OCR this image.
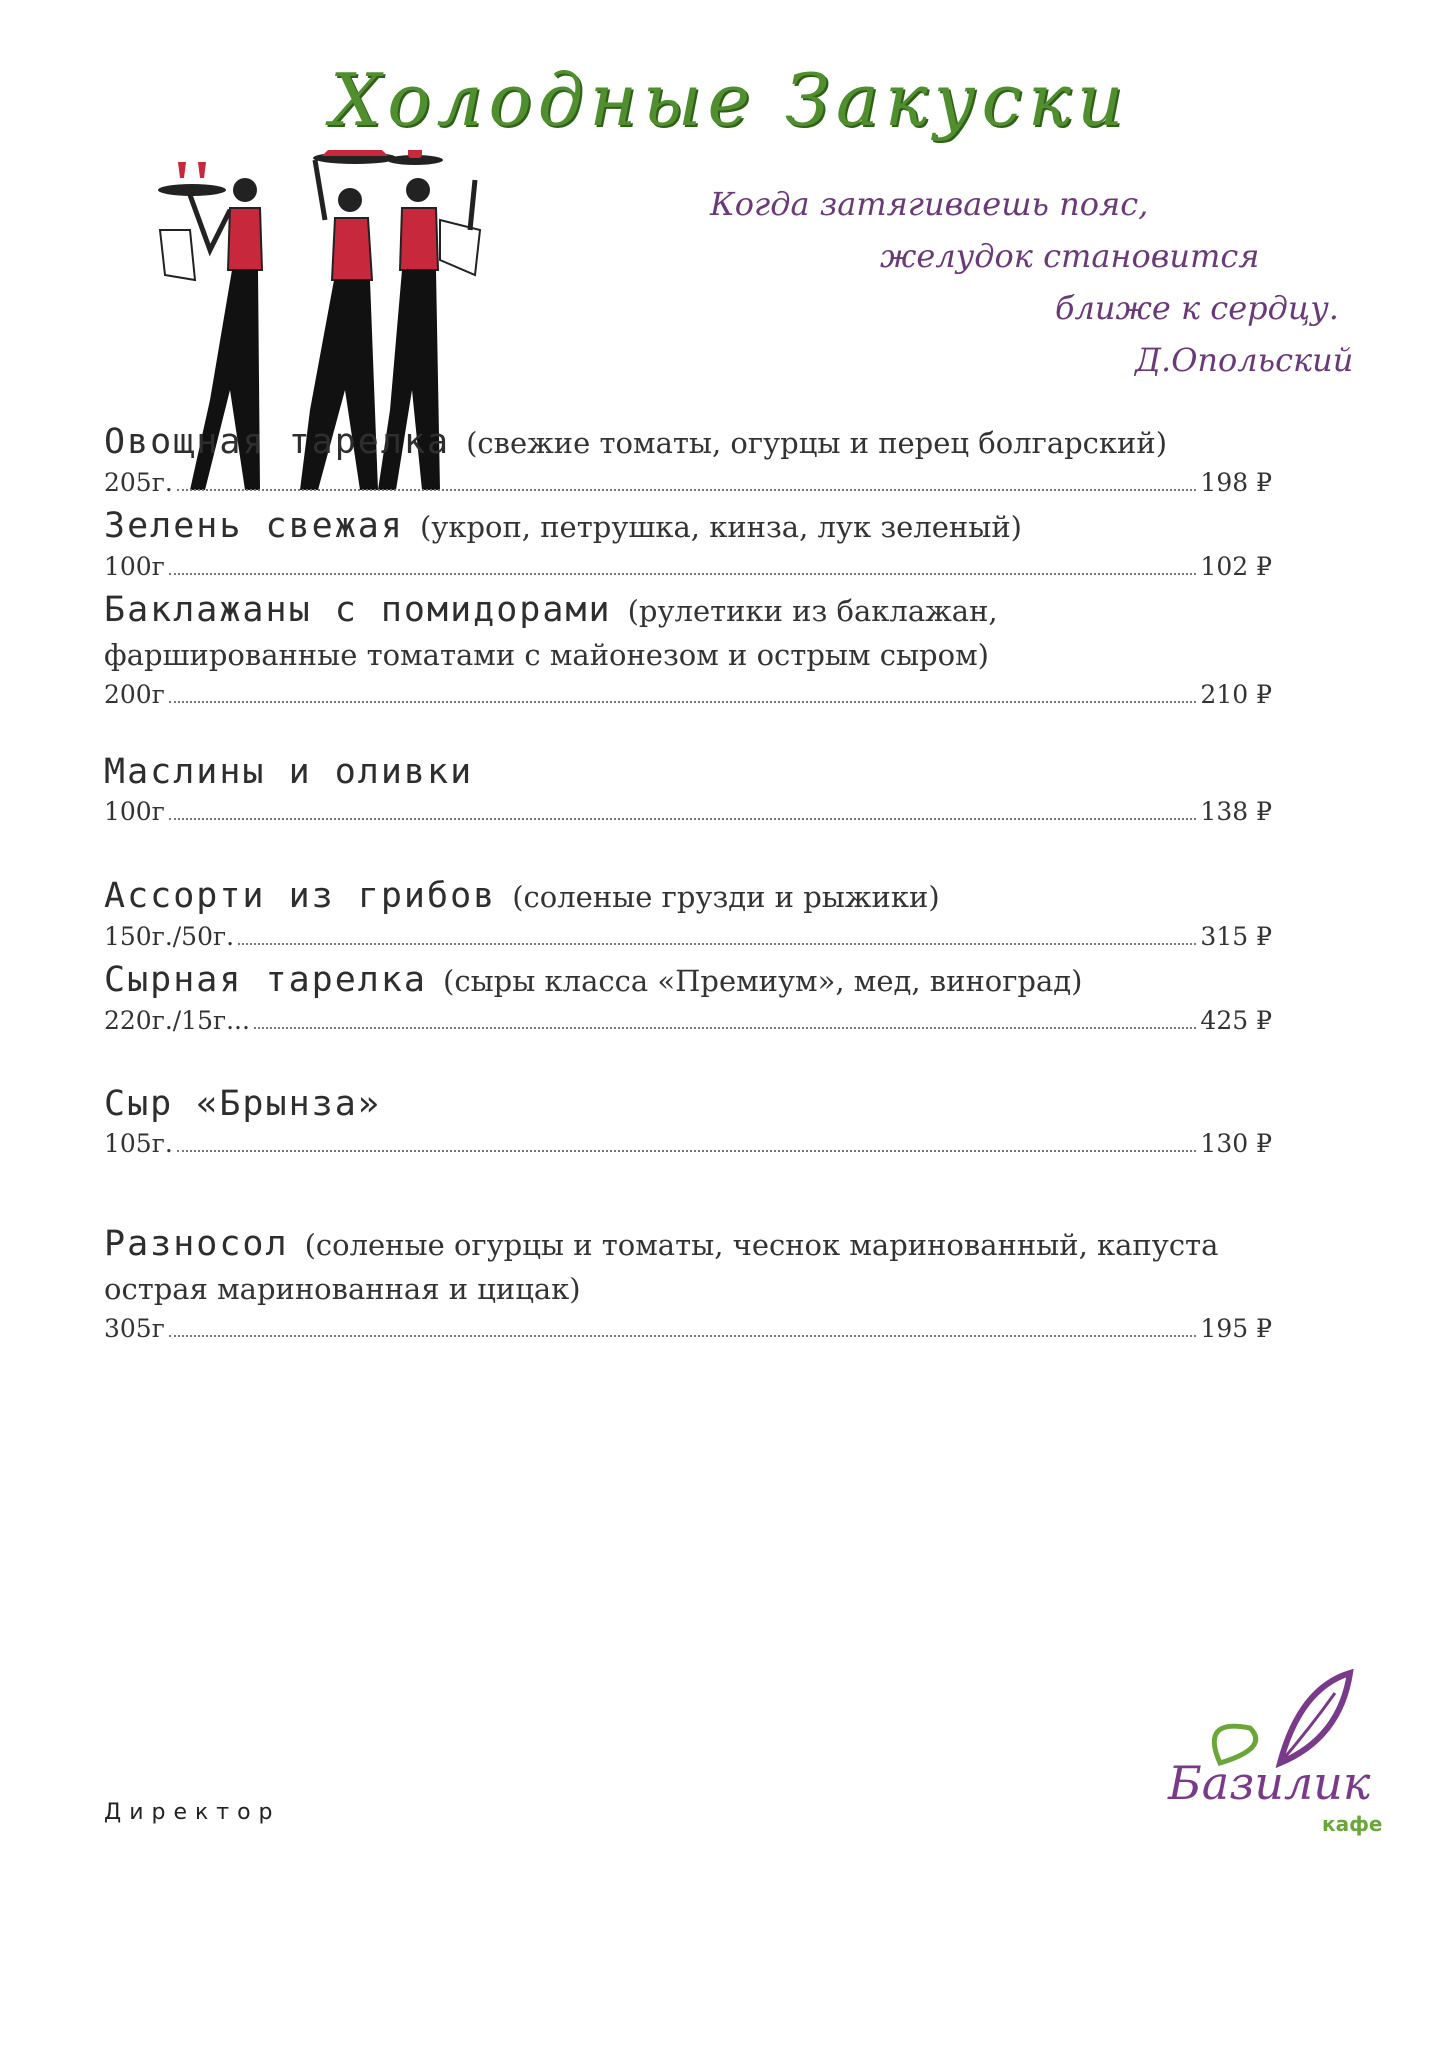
Холодные Закуски
Когда затягиваешь пояс,
желудок становится
ближе к сердцу.
Д.Опольский
Овощная тарелка (свежие томаты, огурцы и перец болгарский)
205г.	198 ₽
Зелень свежая (укроп, петрушка, кинза, лук зеленый)
100г	102 ₽
Баклажаны с помидорами (рулетики из баклажан,
фаршированные томатами с майонезом и острым сыром)
200г	210 ₽
Маслины и оливки
100г	138 ₽
Ассорти из грибов (соленые грузди и рыжики)
150г./50г.	315 ₽
Сырная тарелка (сыры класса «Премиум», мед, виноград)
220г./15г...	425 ₽
Сыр «Брынза»
105г.	130 ₽
Разносол (соленые огурцы и томаты, чеснок маринованный, капуста
острая маринованная и цицак)
305г	195 ₽
Директор
Базилик
кафе
